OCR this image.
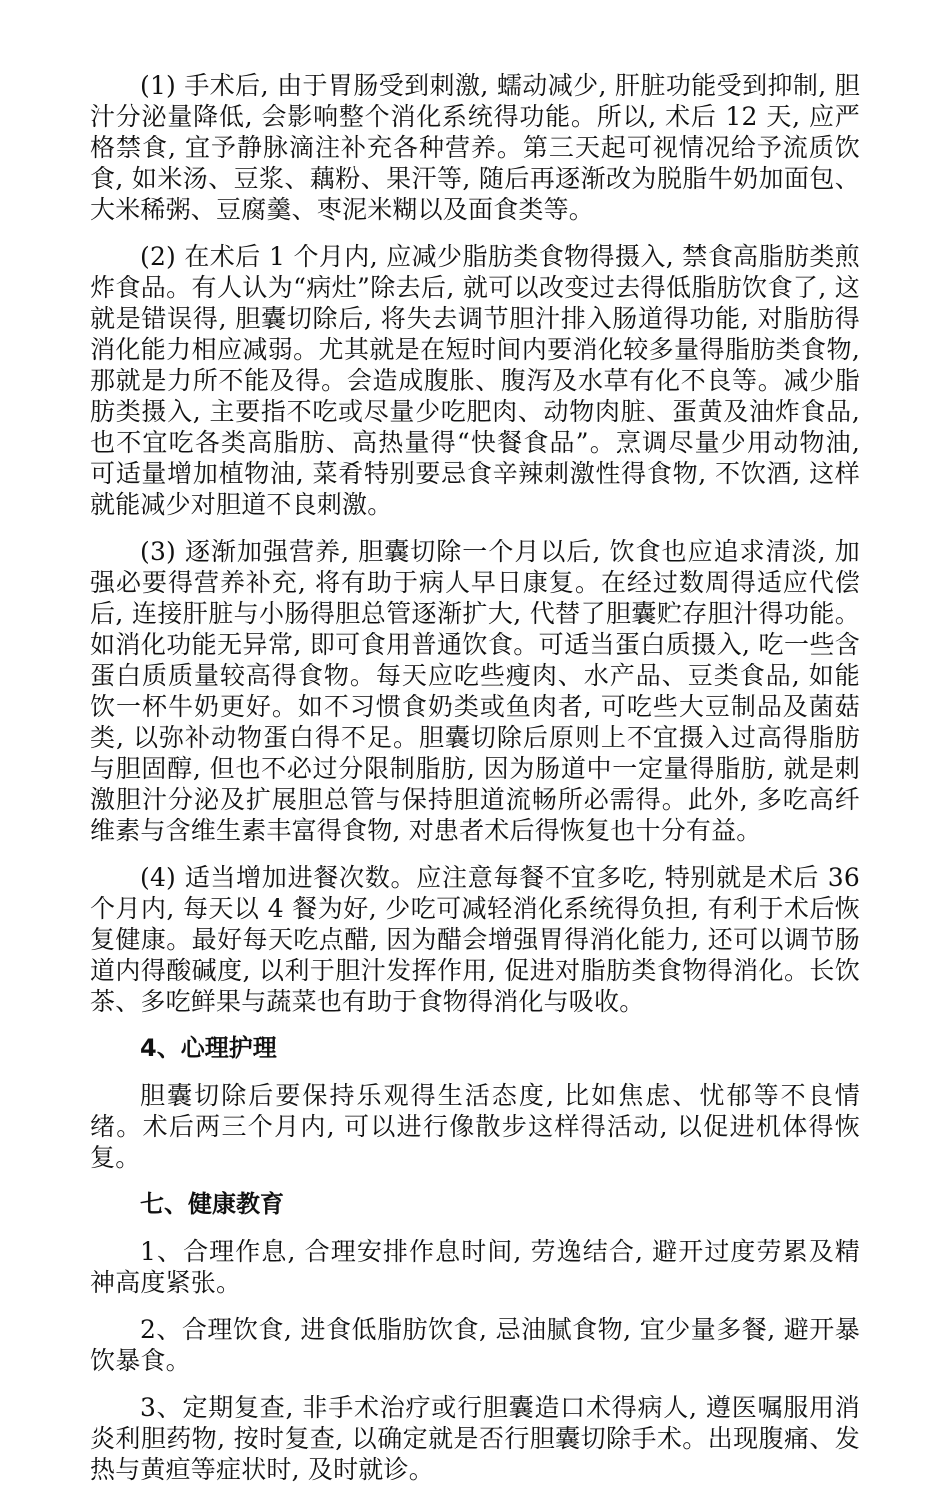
(1) 手术后, 由于胃肠受到刺激, 蠕动减少, 肝脏功能受到抑制, 胆汁分泌量降低, 会影响整个消化系统得功能。所以, 术后 12 天, 应严格禁食, 宜予静脉滴注补充各种营养。第三天起可视情况给予流质饮食, 如米汤、豆浆、藕粉、果汗等, 随后再逐渐改为脱脂牛奶加面包、大米稀粥、豆腐羹、枣泥米糊以及面食类等。

(2) 在术后 1 个月内, 应减少脂肪类食物得摄入, 禁食高脂肪类煎炸食品。有人认为“病灶”除去后, 就可以改变过去得低脂肪饮食了, 这就是错误得, 胆囊切除后, 将失去调节胆汁排入肠道得功能, 对脂肪得消化能力相应减弱。尤其就是在短时间内要消化较多量得脂肪类食物, 那就是力所不能及得。会造成腹胀、腹泻及水草有化不良等。减少脂肪类摄入, 主要指不吃或尽量少吃肥肉、动物肉脏、蛋黄及油炸食品, 也不宜吃各类高脂肪、高热量得“快餐食品”。烹调尽量少用动物油, 可适量增加植物油, 菜肴特别要忌食辛辣刺激性得食物, 不饮酒, 这样就能减少对胆道不良刺激。

(3) 逐渐加强营养, 胆囊切除一个月以后, 饮食也应追求清淡, 加强必要得营养补充, 将有助于病人早日康复。在经过数周得适应代偿后, 连接肝脏与小肠得胆总管逐渐扩大, 代替了胆囊贮存胆汁得功能。如消化功能无异常, 即可食用普通饮食。可适当蛋白质摄入, 吃一些含蛋白质质量较高得食物。每天应吃些瘦肉、水产品、豆类食品, 如能饮一杯牛奶更好。如不习惯食奶类或鱼肉者, 可吃些大豆制品及菌菇类, 以弥补动物蛋白得不足。胆囊切除后原则上不宜摄入过高得脂肪与胆固醇, 但也不必过分限制脂肪, 因为肠道中一定量得脂肪, 就是刺激胆汁分泌及扩展胆总管与保持胆道流畅所必需得。此外, 多吃高纤维素与含维生素丰富得食物, 对患者术后得恢复也十分有益。

(4) 适当增加进餐次数。应注意每餐不宜多吃, 特别就是术后 36 个月内, 每天以 4 餐为好, 少吃可减轻消化系统得负担, 有利于术后恢复健康。最好每天吃点醋, 因为醋会增强胃得消化能力, 还可以调节肠道内得酸碱度, 以利于胆汁发挥作用, 促进对脂肪类食物得消化。长饮茶、多吃鲜果与蔬菜也有助于食物得消化与吸收。

4、心理护理

胆囊切除后要保持乐观得生活态度, 比如焦虑、忧郁等不良情绪。术后两三个月内, 可以进行像散步这样得活动, 以促进机体得恢复。

七、健康教育

1、合理作息, 合理安排作息时间, 劳逸结合, 避开过度劳累及精神高度紧张。

2、合理饮食, 进食低脂肪饮食, 忌油腻食物, 宜少量多餐, 避开暴饮暴食。

3、定期复查, 非手术治疗或行胆囊造口术得病人, 遵医嘱服用消炎利胆药物, 按时复查, 以确定就是否行胆囊切除手术。出现腹痛、发热与黄疸等症状时, 及时就诊。
